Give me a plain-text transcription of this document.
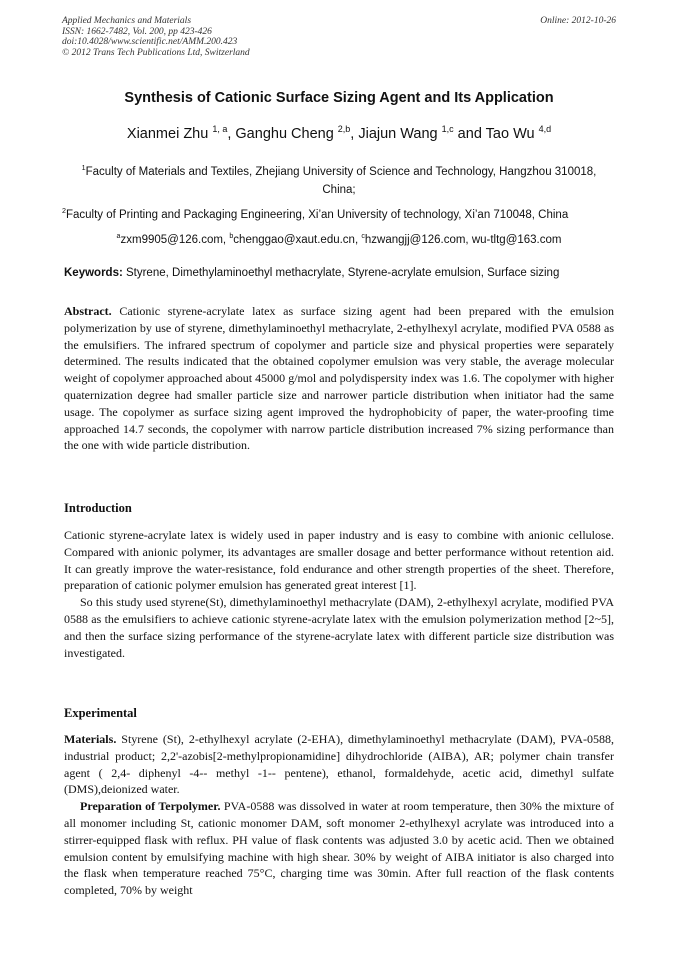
Applied Mechanics and Materials
ISSN: 1662-7482, Vol. 200, pp 423-426
doi:10.4028/www.scientific.net/AMM.200.423
© 2012 Trans Tech Publications Ltd, Switzerland
Online: 2012-10-26
Synthesis of Cationic Surface Sizing Agent and Its Application
Xianmei Zhu $^{1, a}$, Ganghu Cheng $^{2,b}$, Jiajun Wang $^{1,c}$ and Tao Wu $^{4,d}$
$^1$Faculty of Materials and Textiles, Zhejiang University of Science and Technology, Hangzhou 310018, China;
$^2$Faculty of Printing and Packaging Engineering, Xi’an University of technology, Xi’an 710048, China
$^a$zxm9905@126.com, $^b$chenggao@xaut.edu.cn, $^c$hzwangjj@126.com, wu-tltg@163.com
Keywords: Styrene, Dimethylaminoethyl methacrylate, Styrene-acrylate emulsion, Surface sizing
Abstract. Cationic styrene-acrylate latex as surface sizing agent had been prepared with the emulsion polymerization by use of styrene, dimethylaminoethyl methacrylate, 2-ethylhexyl acrylate, modified PVA 0588 as the emulsifiers. The infrared spectrum of copolymer and particle size and physical properties were separately determined. The results indicated that the obtained copolymer emulsion was very stable, the average molecular weight of copolymer approached about 45000 g/mol and polydispersity index was 1.6. The copolymer with higher quaternization degree had smaller particle size and narrower particle distribution when initiator had the same usage. The copolymer as surface sizing agent improved the hydrophobicity of paper, the water-proofing time approached 14.7 seconds, the copolymer with narrow particle distribution increased 7% sizing performance than the one with wide particle distribution.
Introduction

Cationic styrene-acrylate latex is widely used in paper industry and is easy to combine with anionic cellulose. Compared with anionic polymer, its advantages are smaller dosage and better performance without retention aid. It can greatly improve the water-resistance, fold endurance and other strength properties of the sheet. Therefore, preparation of cationic polymer emulsion has generated great interest [1].

So this study used styrene(St), dimethylaminoethyl methacrylate (DAM), 2-ethylhexyl acrylate, modified PVA 0588 as the emulsifiers to achieve cationic styrene-acrylate latex with the emulsion polymerization method [2~5], and then the surface sizing performance of the styrene-acrylate latex with different particle size distribution was investigated.

Experimental

Materials. Styrene (St), 2-ethylhexyl acrylate (2-EHA), dimethylaminoethyl methacrylate (DAM), PVA-0588, industrial product; 2,2'-azobis[2-methylpropionamidine] dihydrochloride (AIBA), AR; polymer chain transfer agent ( 2,4- diphenyl -4-- methyl -1-- pentene), ethanol, formaldehyde, acetic acid, dimethyl sulfate (DMS),deionized water.

Preparation of Terpolymer. PVA-0588 was dissolved in water at room temperature, then 30% the mixture of all monomer including St, cationic monomer DAM, soft monomer 2-ethylhexyl acrylate was introduced into a stirrer-equipped flask with reflux. PH value of flask contents was adjusted 3.0 by acetic acid. Then we obtained emulsion content by emulsifying machine with high shear. 30% by weight of AIBA initiator is also charged into the flask when temperature reached 75°C, charging time was 30min. After full reaction of the flask contents completed, 70% by weight
